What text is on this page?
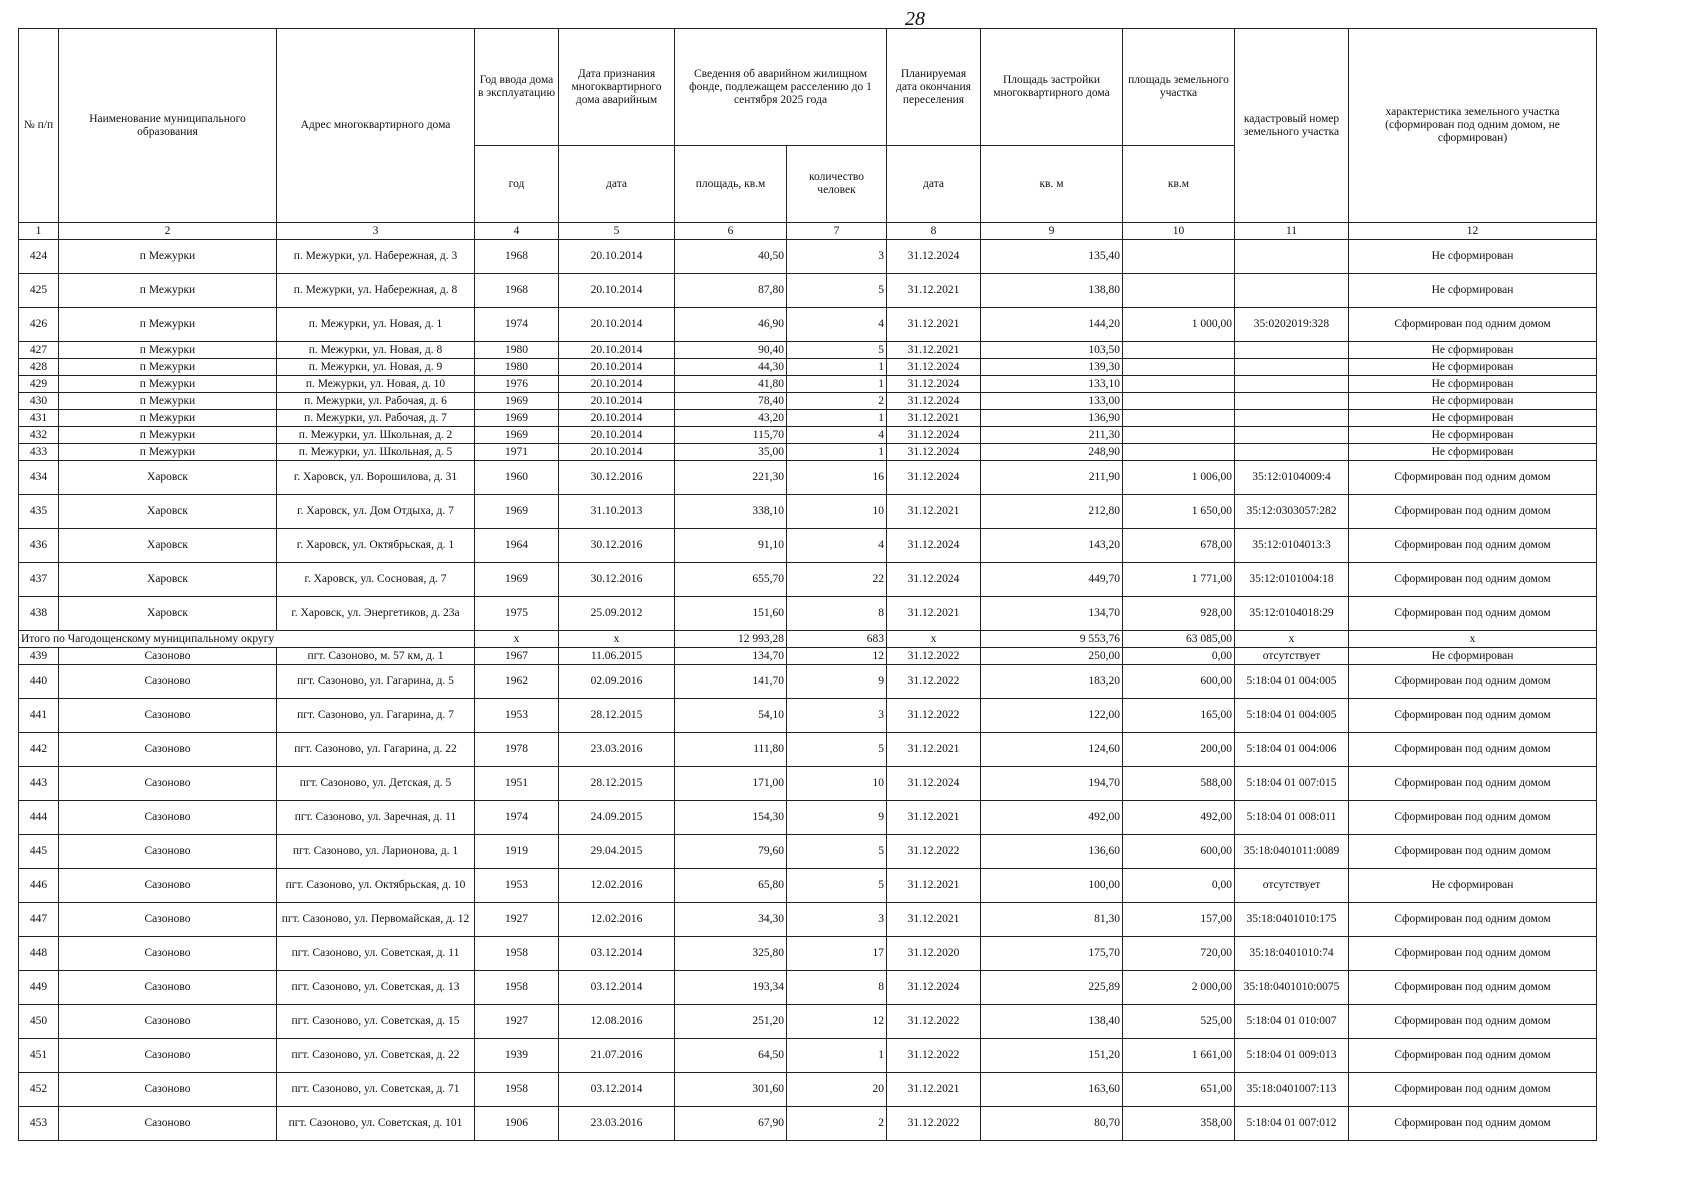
28
№ п/п	Наименование муниципального образования	Адрес многоквартирного дома	Год ввода дома в эксплуатацию	Дата признания многоквартирного дома аварийным	Сведения об аварийном жилищном фонде, подлежащем расселению до 1 сентября 2025 года		Планируемая дата окончания переселения	Площадь застройки многоквартирного дома	площадь земельного участка	кадастровый номер земельного участка	характеристика земельного участка (сформирован под одним домом, не сформирован)
			год	дата	площадь, кв.м	количество человек	дата	кв. м	кв.м		
1	2	3	4	5	6	7	8	9	10	11	12
424	п Межурки	п. Межурки, ул. Набережная, д. 3	1968	20.10.2014	40,50	3	31.12.2024	135,40			Не сформирован
425	п Межурки	п. Межурки, ул. Набережная, д. 8	1968	20.10.2014	87,80	5	31.12.2021	138,80			Не сформирован
426	п Межурки	п. Межурки, ул. Новая, д. 1	1974	20.10.2014	46,90	4	31.12.2021	144,20	1 000,00	35:0202019:328	Сформирован под одним домом
427	п Межурки	п. Межурки, ул. Новая, д. 8	1980	20.10.2014	90,40	5	31.12.2021	103,50			Не сформирован
428	п Межурки	п. Межурки, ул. Новая, д. 9	1980	20.10.2014	44,30	1	31.12.2024	139,30			Не сформирован
429	п Межурки	п. Межурки, ул. Новая, д. 10	1976	20.10.2014	41,80	1	31.12.2024	133,10			Не сформирован
430	п Межурки	п. Межурки, ул. Рабочая, д. 6	1969	20.10.2014	78,40	2	31.12.2024	133,00			Не сформирован
431	п Межурки	п. Межурки, ул. Рабочая, д. 7	1969	20.10.2014	43,20	1	31.12.2021	136,90			Не сформирован
432	п Межурки	п. Межурки, ул. Школьная, д. 2	1969	20.10.2014	115,70	4	31.12.2024	211,30			Не сформирован
433	п Межурки	п. Межурки, ул. Школьная, д. 5	1971	20.10.2014	35,00	1	31.12.2024	248,90			Не сформирован
434	Харовск	г. Харовск, ул. Ворошилова, д. 31	1960	30.12.2016	221,30	16	31.12.2024	211,90	1 006,00	35:12:0104009:4	Сформирован под одним домом
435	Харовск	г. Харовск, ул. Дом Отдыха, д. 7	1969	31.10.2013	338,10	10	31.12.2021	212,80	1 650,00	35:12:0303057:282	Сформирован под одним домом
436	Харовск	г. Харовск, ул. Октябрьская, д. 1	1964	30.12.2016	91,10	4	31.12.2024	143,20	678,00	35:12:0104013:3	Сформирован под одним домом
437	Харовск	г. Харовск, ул. Сосновая, д. 7	1969	30.12.2016	655,70	22	31.12.2024	449,70	1 771,00	35:12:0101004:18	Сформирован под одним домом
438	Харовск	г. Харовск, ул. Энергетиков, д. 23а	1975	25.09.2012	151,60	8	31.12.2021	134,70	928,00	35:12:0104018:29	Сформирован под одним домом
Итого по Чагодощенскому муниципальному округу			x	x	12 993,28	683	x	9 553,76	63 085,00	x	x
439	Сазоново	пгт. Сазоново, м. 57 км, д. 1	1967	11.06.2015	134,70	12	31.12.2022	250,00	0,00	отсутствует	Не сформирован
440	Сазоново	пгт. Сазоново, ул. Гагарина, д. 5	1962	02.09.2016	141,70	9	31.12.2022	183,20	600,00	5:18:04 01 004:005	Сформирован под одним домом
441	Сазоново	пгт. Сазоново, ул. Гагарина, д. 7	1953	28.12.2015	54,10	3	31.12.2022	122,00	165,00	5:18:04 01 004:005	Сформирован под одним домом
442	Сазоново	пгт. Сазоново, ул. Гагарина, д. 22	1978	23.03.2016	111,80	5	31.12.2021	124,60	200,00	5:18:04 01 004:006	Сформирован под одним домом
443	Сазоново	пгт. Сазоново, ул. Детская, д. 5	1951	28.12.2015	171,00	10	31.12.2024	194,70	588,00	5:18:04 01 007:015	Сформирован под одним домом
444	Сазоново	пгт. Сазоново, ул. Заречная, д. 11	1974	24.09.2015	154,30	9	31.12.2021	492,00	492,00	5:18:04 01 008:011	Сформирован под одним домом
445	Сазоново	пгт. Сазоново, ул. Ларионова, д. 1	1919	29.04.2015	79,60	5	31.12.2022	136,60	600,00	35:18:0401011:0089	Сформирован под одним домом
446	Сазоново	пгт. Сазоново, ул. Октябрьская, д. 10	1953	12.02.2016	65,80	5	31.12.2021	100,00	0,00	отсутствует	Не сформирован
447	Сазоново	пгт. Сазоново, ул. Первомайская, д. 12	1927	12.02.2016	34,30	3	31.12.2021	81,30	157,00	35:18:0401010:175	Сформирован под одним домом
448	Сазоново	пгт. Сазоново, ул. Советская, д. 11	1958	03.12.2014	325,80	17	31.12.2020	175,70	720,00	35:18:0401010:74	Сформирован под одним домом
449	Сазоново	пгт. Сазоново, ул. Советская, д. 13	1958	03.12.2014	193,34	8	31.12.2024	225,89	2 000,00	35:18:0401010:0075	Сформирован под одним домом
450	Сазоново	пгт. Сазоново, ул. Советская, д. 15	1927	12.08.2016	251,20	12	31.12.2022	138,40	525,00	5:18:04 01 010:007	Сформирован под одним домом
451	Сазоново	пгт. Сазоново, ул. Советская, д. 22	1939	21.07.2016	64,50	1	31.12.2022	151,20	1 661,00	5:18:04 01 009:013	Сформирован под одним домом
452	Сазоново	пгт. Сазоново, ул. Советская, д. 71	1958	03.12.2014	301,60	20	31.12.2021	163,60	651,00	35:18:0401007:113	Сформирован под одним домом
453	Сазоново	пгт. Сазоново, ул. Советская, д. 101	1906	23.03.2016	67,90	2	31.12.2022	80,70	358,00	5:18:04 01 007:012	Сформирован под одним домом
